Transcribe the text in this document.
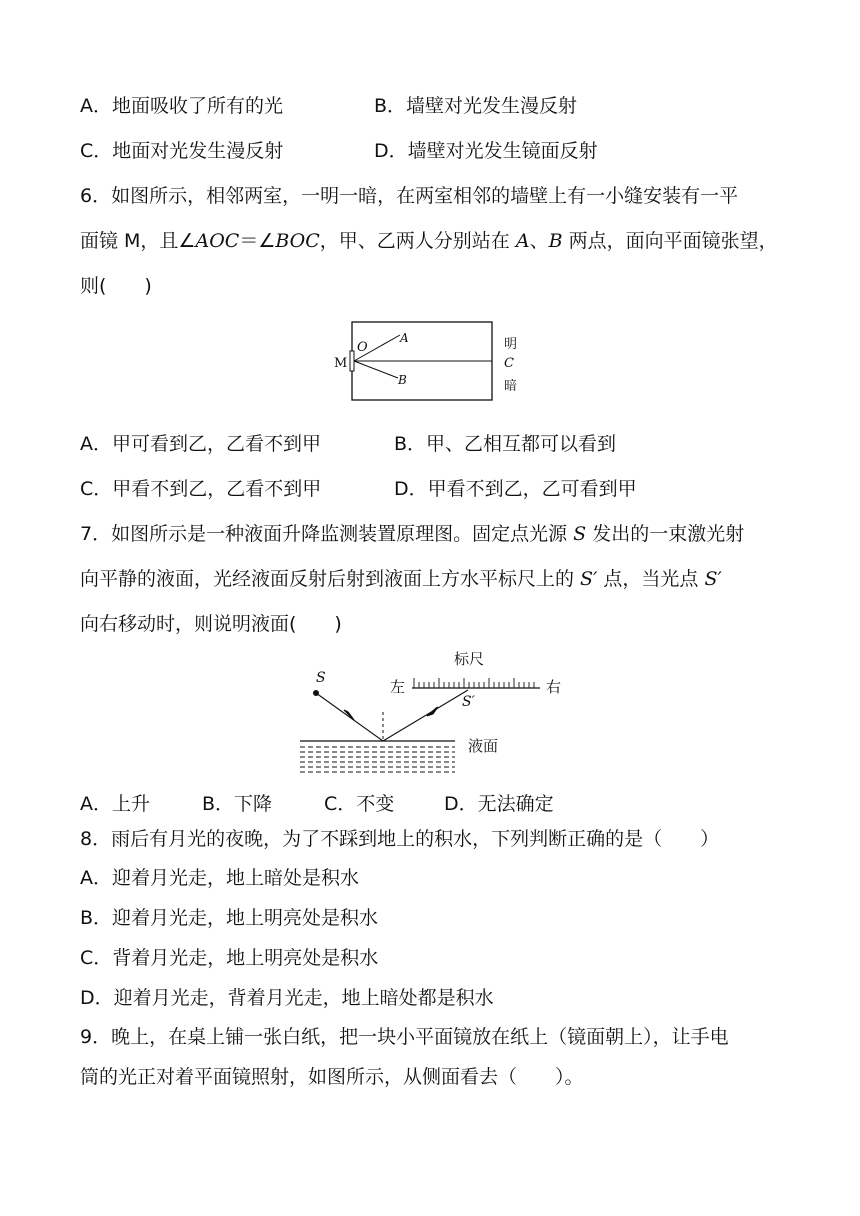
A．地面吸收了所有的光	B．墙壁对光发生漫反射
C．地面对光发生漫反射	D．墙壁对光发生镜面反射
6．如图所示，相邻两室，一明一暗，在两室相邻的墙壁上有一小缝安装有一平
面镜 M，且∠AOC＝∠BOC，甲、乙两人分别站在 A、B 两点，面向平面镜张望，
则(　　)
M
O
A
B
明
C
暗
A．甲可看到乙，乙看不到甲	B．甲、乙相互都可以看到
C．甲看不到乙，乙看不到甲	D．甲看不到乙，乙可看到甲
7．如图所示是一种液面升降监测装置原理图。固定点光源 S 发出的一束激光射
向平静的液面，光经液面反射后射到液面上方水平标尺上的 S′ 点，当光点 S′
向右移动时，则说明液面(　　)
标尺
左	右
S
S′
液面
A．上升	B．下降	C．不变	D．无法确定
8．雨后有月光的夜晚，为了不踩到地上的积水，下列判断正确的是（　　）
A．迎着月光走，地上暗处是积水
B．迎着月光走，地上明亮处是积水
C．背着月光走，地上明亮处是积水
D．迎着月光走，背着月光走，地上暗处都是积水
9．晚上，在桌上铺一张白纸，把一块小平面镜放在纸上（镜面朝上），让手电
筒的光正对着平面镜照射，如图所示，从侧面看去（　　）。
